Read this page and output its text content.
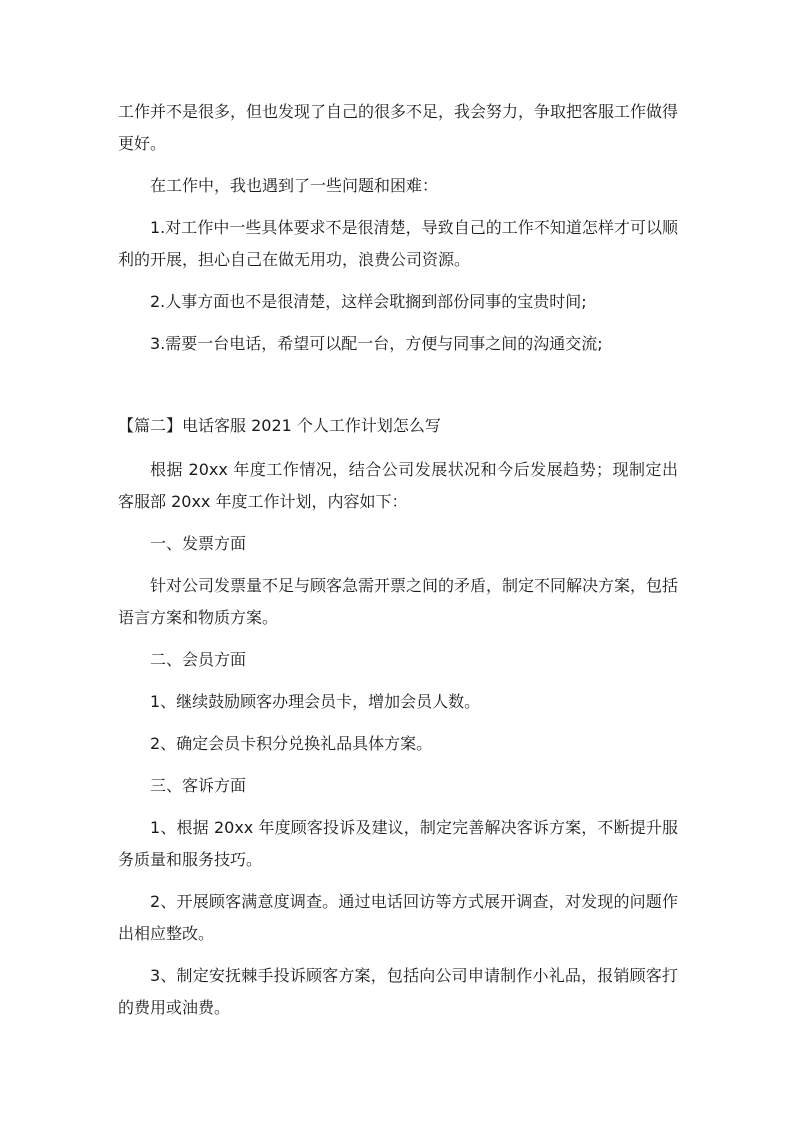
工作并不是很多，但也发现了自己的很多不足，我会努力，争取把客服工作做得更好。

在工作中，我也遇到了一些问题和困难：

1.对工作中一些具体要求不是很清楚，导致自己的工作不知道怎样才可以顺利的开展，担心自己在做无用功，浪费公司资源。

2.人事方面也不是很清楚，这样会耽搁到部份同事的宝贵时间;

3.需要一台电话，希望可以配一台，方便与同事之间的沟通交流;

【篇二】电话客服 2021 个人工作计划怎么写

根据 20xx 年度工作情况，结合公司发展状况和今后发展趋势；现制定出客服部 20xx 年度工作计划，内容如下：

一、发票方面

针对公司发票量不足与顾客急需开票之间的矛盾，制定不同解决方案，包括语言方案和物质方案。

二、会员方面

1、继续鼓励顾客办理会员卡，增加会员人数。

2、确定会员卡积分兑换礼品具体方案。

三、客诉方面

1、根据 20xx 年度顾客投诉及建议，制定完善解决客诉方案，不断提升服务质量和服务技巧。

2、开展顾客满意度调查。通过电话回访等方式展开调查，对发现的问题作出相应整改。

3、制定安抚棘手投诉顾客方案，包括向公司申请制作小礼品，报销顾客打的费用或油费。
